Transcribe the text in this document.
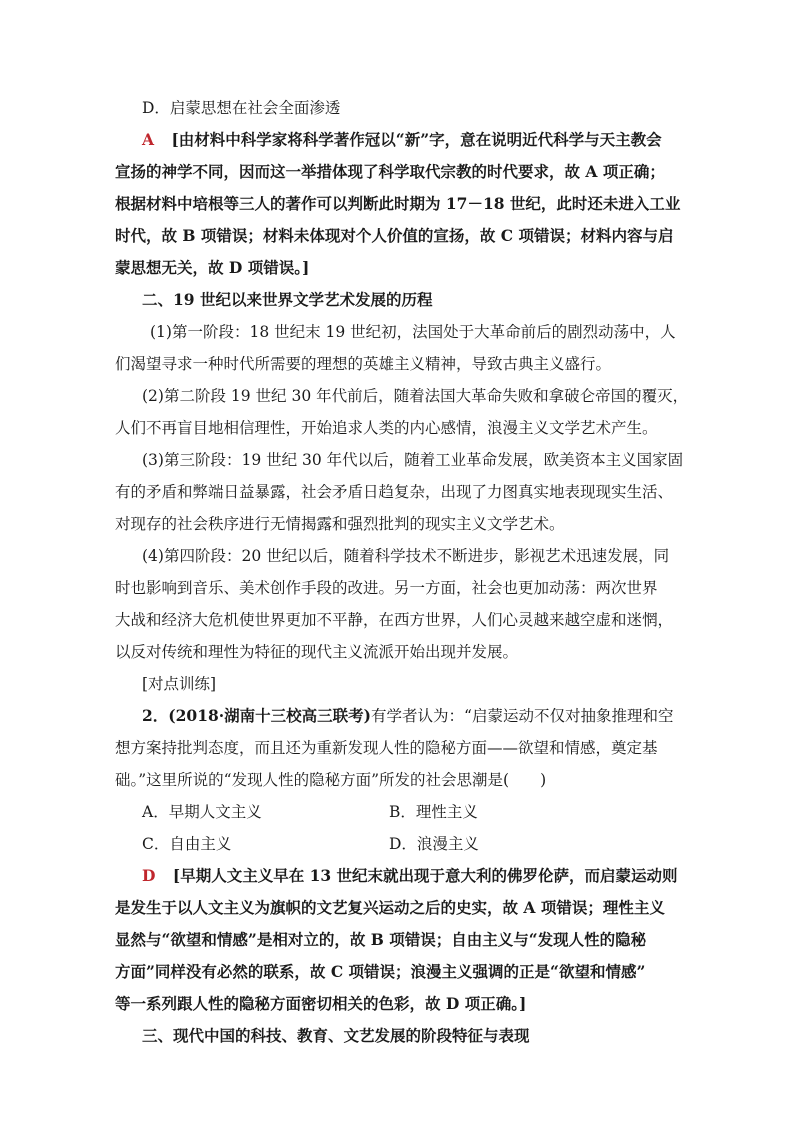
D．启蒙思想在社会全面渗透
A [由材料中科学家将科学著作冠以“新”字，意在说明近代科学与天主教会
宣扬的神学不同，因而这一举措体现了科学取代宗教的时代要求，故 A 项正确；
根据材料中培根等三人的著作可以判断此时期为 17－18 世纪，此时还未进入工业
时代，故 B 项错误；材料未体现对个人价值的宣扬，故 C 项错误；材料内容与启
蒙思想无关，故 D 项错误。]
二、19 世纪以来世界文学艺术发展的历程
(1)第一阶段：18 世纪末 19 世纪初，法国处于大革命前后的剧烈动荡中，人
们渴望寻求一种时代所需要的理想的英雄主义精神，导致古典主义盛行。
(2)第二阶段 19 世纪 30 年代前后，随着法国大革命失败和拿破仑帝国的覆灭，
人们不再盲目地相信理性，开始追求人类的内心感情，浪漫主义文学艺术产生。
(3)第三阶段：19 世纪 30 年代以后，随着工业革命发展，欧美资本主义国家固
有的矛盾和弊端日益暴露，社会矛盾日趋复杂，出现了力图真实地表现现实生活、
对现存的社会秩序进行无情揭露和强烈批判的现实主义文学艺术。
(4)第四阶段：20 世纪以后，随着科学技术不断进步，影视艺术迅速发展，同
时也影响到音乐、美术创作手段的改进。另一方面，社会也更加动荡：两次世界
大战和经济大危机使世界更加不平静，在西方世界，人们心灵越来越空虚和迷惘，
以反对传统和理性为特征的现代主义流派开始出现并发展。
[对点训练]
2．(2018·湖南十三校高三联考)有学者认为：“启蒙运动不仅对抽象推理和空
想方案持批判态度，而且还为重新发现人性的隐秘方面——欲望和情感，奠定基
础。”这里所说的“发现人性的隐秘方面”所发的社会思潮是(　　)
A．早期人文主义	B．理性主义
C．自由主义	D．浪漫主义
D [早期人文主义早在 13 世纪末就出现于意大利的佛罗伦萨，而启蒙运动则
是发生于以人文主义为旗帜的文艺复兴运动之后的史实，故 A 项错误；理性主义
显然与“欲望和情感”是相对立的，故 B 项错误；自由主义与“发现人性的隐秘
方面”同样没有必然的联系，故 C 项错误；浪漫主义强调的正是“欲望和情感”
等一系列跟人性的隐秘方面密切相关的色彩，故 D 项正确。]
三、现代中国的科技、教育、文艺发展的阶段特征与表现
